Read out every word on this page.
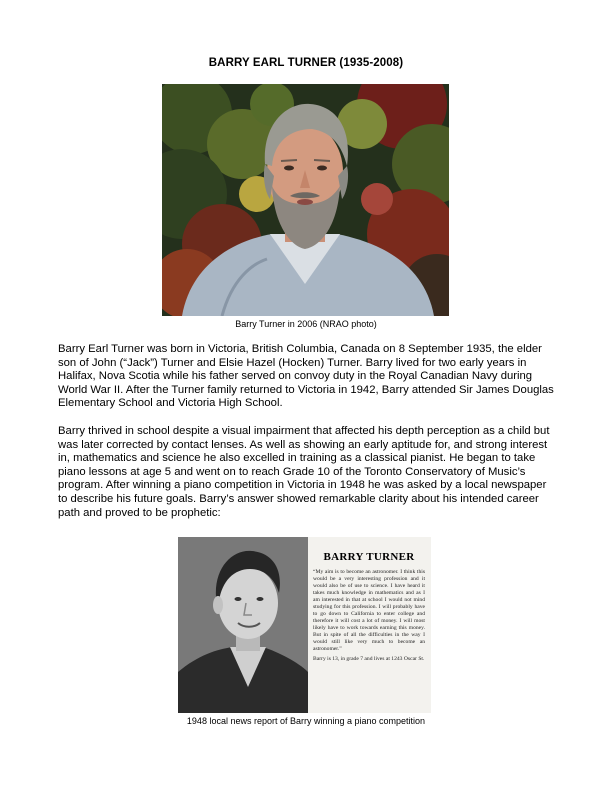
BARRY EARL TURNER (1935-2008)
Barry Turner in 2006 (NRAO photo)

Barry Earl Turner was born in Victoria, British Columbia, Canada on 8 September 1935, the elder son of John (“Jack”) Turner and Elsie Hazel (Hocken) Turner. Barry lived for two early years in Halifax, Nova Scotia while his father served on convoy duty in the Royal Canadian Navy during World War II. After the Turner family returned to Victoria in 1942, Barry attended Sir James Douglas Elementary School and Victoria High School.

Barry thrived in school despite a visual impairment that affected his depth perception as a child but was later corrected by contact lenses. As well as showing an early aptitude for, and strong interest in, mathematics and science he also excelled in training as a classical pianist. He began to take piano lessons at age 5 and went on to reach Grade 10 of the Toronto Conservatory of Music’s program. After winning a piano competition in Victoria in 1948 he was asked by a local newspaper to describe his future goals. Barry’s answer showed remarkable clarity about his intended career path and proved to be prophetic:

BARRY TURNER

“My aim is to become an astronomer. I think this would be a very interesting profession and it would also be of use to science. I have heard it takes much knowledge in mathematics and as I am interested in that at school I would not mind studying for this profession. I will probably have to go down to California to enter college and therefore it will cost a lot of money. I will most likely have to work towards earning this money. But in spite of all the difficulties in the way I would still like very much to become an astronomer.”

Barry is 13, in grade 7 and lives at 1243 Oscar St.

1948 local news report of Barry winning a piano competition
